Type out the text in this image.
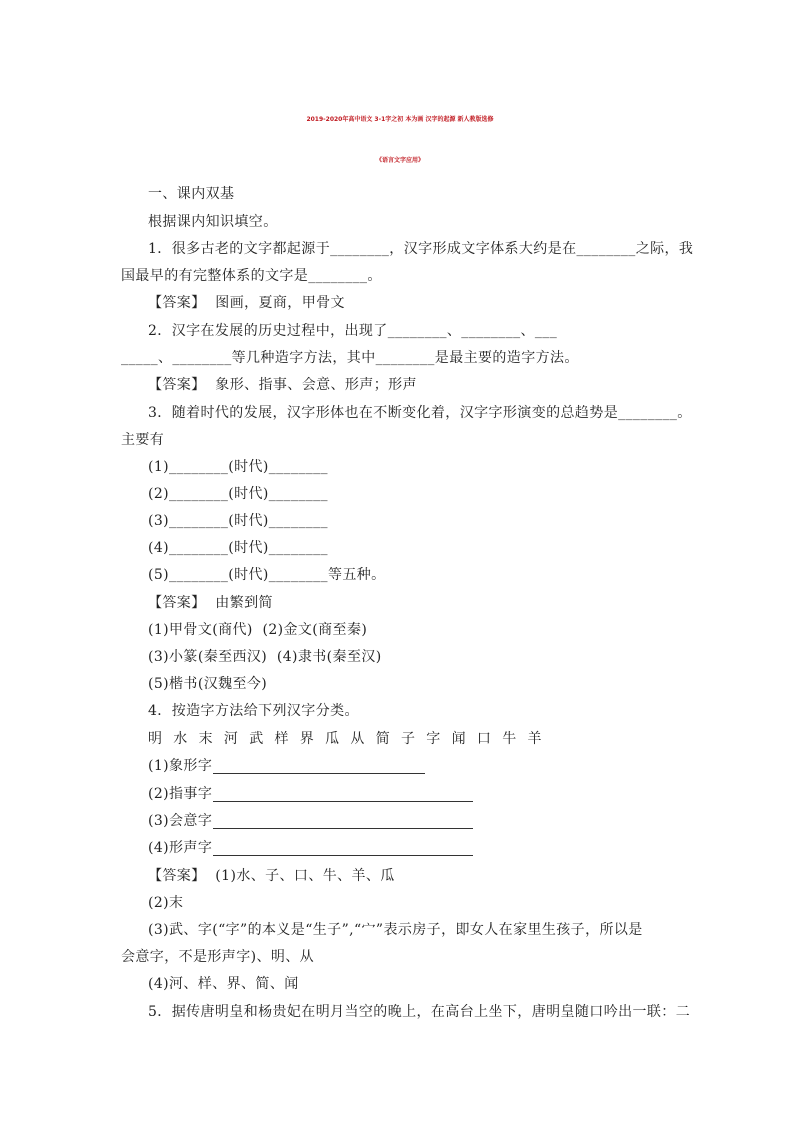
2019-2020年高中语文 3-1字之初 本为画 汉字的起源 新人教版选修
《语言文字应用》
一、课内双基
根据课内知识填空。
1．很多古老的文字都起源于________，汉字形成文字体系大约是在________之际，我
国最早的有完整体系的文字是________。
【答案】  图画，夏商，甲骨文
2．汉字在发展的历史过程中，出现了________、________、___
_____、________等几种造字方法，其中________是最主要的造字方法。
【答案】  象形、指事、会意、形声；形声
3．随着时代的发展，汉字形体也在不断变化着，汉字字形演变的总趋势是________。
主要有
(1)________(时代)________
(2)________(时代)________
(3)________(时代)________
(4)________(时代)________
(5)________(时代)________等五种。
【答案】  由繁到简
(1)甲骨文(商代)  (2)金文(商至秦)
(3)小篆(秦至西汉)  (4)隶书(秦至汉)
(5)楷书(汉魏至今)
4．按造字方法给下列汉字分类。
明  水  末  河  武  样  界  瓜  从  简  子  字  闻  口  牛  羊
(1)象形字
(2)指事字
(3)会意字
(4)形声字
【答案】  (1)水、子、口、牛、羊、瓜
(2)末
(3)武、字(“字”的本义是“生子”,“宀”表示房子，即女人在家里生孩子，所以是
会意字，不是形声字)、明、从
(4)河、样、界、简、闻
5．据传唐明皇和杨贵妃在明月当空的晚上，在高台上坐下，唐明皇随口吟出一联：二
